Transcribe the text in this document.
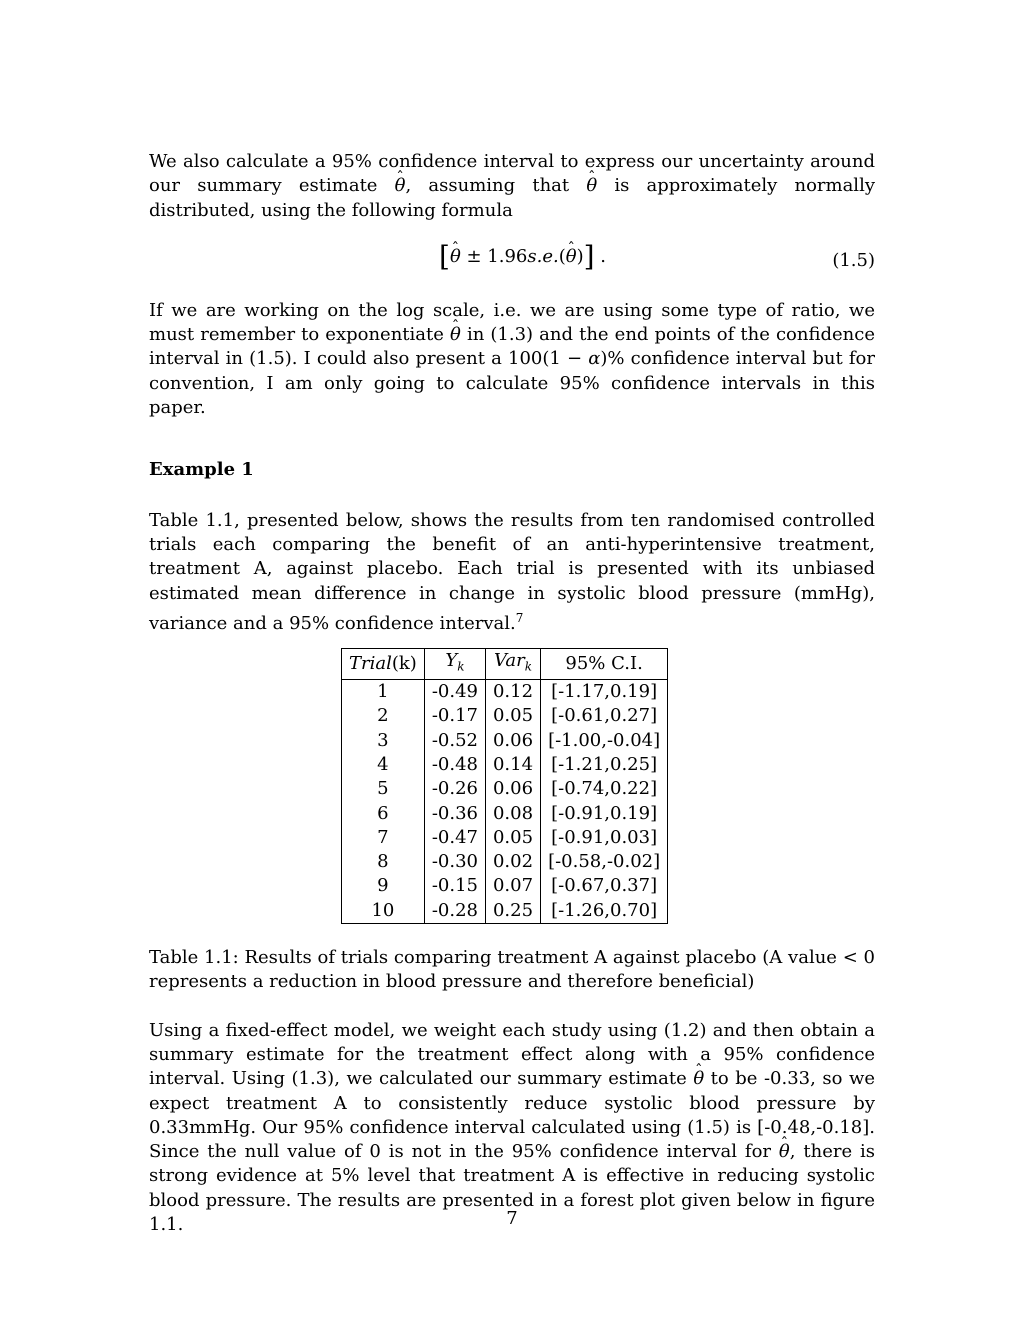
We also calculate a 95% confidence interval to express our uncertainty around our summary estimate θ ˆ, assuming that θ ˆ is approximately normally distributed, using the following formula

[θ ˆ ± 1.96s.e.(θ ˆ)] .	(1.5)

If we are working on the log scale, i.e. we are using some type of ratio, we must remember to exponentiate θ ˆ in (1.3) and the end points of the confidence interval in (1.5). I could also present a 100(1 − α)% confidence interval but for convention, I am only going to calculate 95% confidence intervals in this paper.

Example 1

Table 1.1, presented below, shows the results from ten randomised controlled trials each comparing the benefit of an anti-hyperintensive treatment, treatment A, against placebo. Each trial is presented with its unbiased estimated mean difference in change in systolic blood pressure (mmHg), variance and a 95% confidence interval.$^7$

Trial(k)	$Y_k$	Var$_k$	95% C.I.
1	-0.49	0.12	[-1.17,0.19]
2	-0.17	0.05	[-0.61,0.27]
3	-0.52	0.06	[-1.00,-0.04]
4	-0.48	0.14	[-1.21,0.25]
5	-0.26	0.06	[-0.74,0.22]
6	-0.36	0.08	[-0.91,0.19]
7	-0.47	0.05	[-0.91,0.03]
8	-0.30	0.02	[-0.58,-0.02]
9	-0.15	0.07	[-0.67,0.37]
10	-0.28	0.25	[-1.26,0.70]

Table 1.1: Results of trials comparing treatment A against placebo (A value < 0 represents a reduction in blood pressure and therefore beneficial)

Using a fixed-effect model, we weight each study using (1.2) and then obtain a summary estimate for the treatment effect along with a 95% confidence interval. Using (1.3), we calculated our summary estimate θ ˆ to be -0.33, so we expect treatment A to consistently reduce systolic blood pressure by 0.33mmHg. Our 95% confidence interval calculated using (1.5) is [-0.48,-0.18]. Since the null value of 0 is not in the 95% confidence interval for θ ˆ, there is strong evidence at 5% level that treatment A is effective in reducing systolic blood pressure. The results are presented in a forest plot given below in figure 1.1.	7
